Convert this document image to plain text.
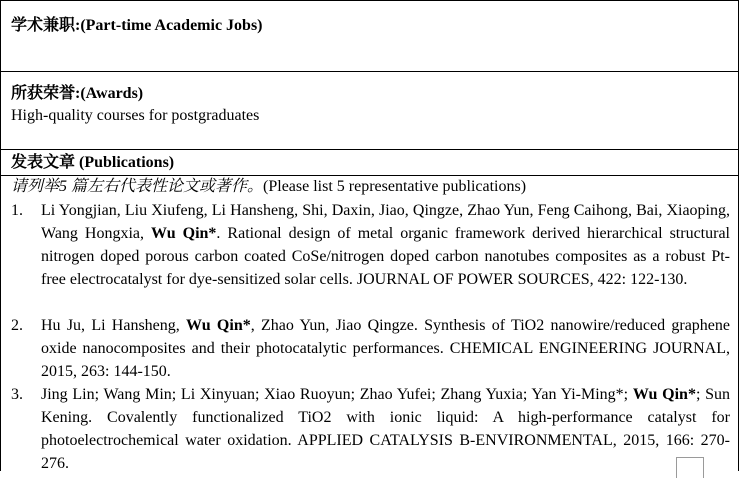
学术兼职:(Part-time Academic Jobs)
所获荣誉:(Awards)
High-quality courses for postgraduates
发表文章 (Publications)
请列举5 篇左右代表性论文或著作。(Please list 5 representative publications)
1. Li Yongjian, Liu Xiufeng, Li Hansheng, Shi, Daxin, Jiao, Qingze, Zhao Yun, Feng Caihong, Bai, Xiaoping, Wang Hongxia, Wu Qin*. Rational design of metal organic framework derived hierarchical structural nitrogen doped porous carbon coated CoSe/nitrogen doped carbon nanotubes composites as a robust Pt-free electrocatalyst for dye-sensitized solar cells. JOURNAL OF POWER SOURCES, 422: 122-130.
2. Hu Ju, Li Hansheng, Wu Qin*, Zhao Yun, Jiao Qingze. Synthesis of TiO2 nanowire/reduced graphene oxide nanocomposites and their photocatalytic performances. CHEMICAL ENGINEERING JOURNAL, 2015, 263: 144-150.
3. Jing Lin; Wang Min; Li Xinyuan; Xiao Ruoyun; Zhao Yufei; Zhang Yuxia; Yan Yi-Ming*; Wu Qin*; Sun Kening. Covalently functionalized TiO2 with ionic liquid: A high-performance catalyst for photoelectrochemical water oxidation. APPLIED CATALYSIS B-ENVIRONMENTAL, 2015, 166: 270-276.
